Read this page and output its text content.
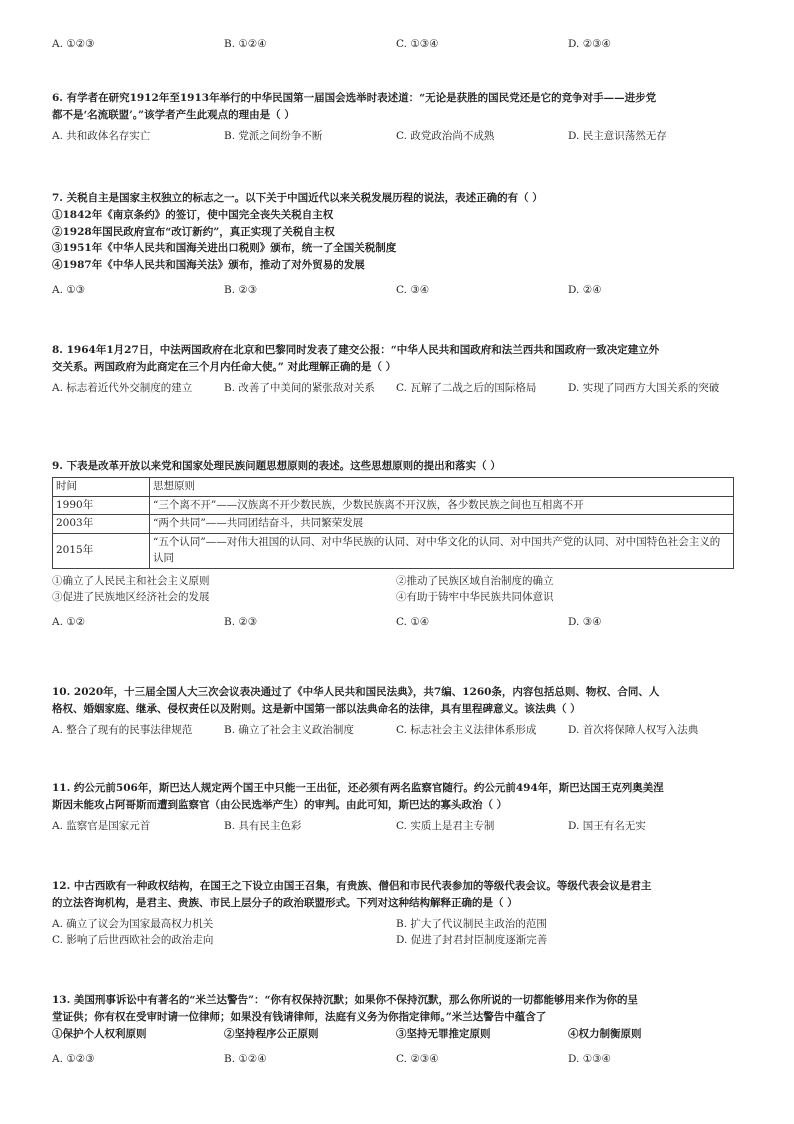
A. ①②③	B. ①②④	C. ①③④	D. ②③④

6. 有学者在研究1912年至1913年举行的中华民国第一届国会选举时表述道：“无论是获胜的国民党还是它的竞争对手——进步党

都不是‘名流联盟’。”该学者产生此观点的理由是（ ）

A. 共和政体名存实亡	B. 党派之间纷争不断	C. 政党政治尚不成熟	D. 民主意识荡然无存

7. 关税自主是国家主权独立的标志之一。以下关于中国近代以来关税发展历程的说法，表述正确的有（ ）

①1842年《南京条约》的签订，使中国完全丧失关税自主权

②1928年国民政府宣布“改订新约”，真正实现了关税自主权

③1951年《中华人民共和国海关进出口税则》颁布，统一了全国关税制度

④1987年《中华人民共和国海关法》颁布，推动了对外贸易的发展

A. ①③	B. ②③	C. ③④	D. ②④

8. 1964年1月27日，中法两国政府在北京和巴黎同时发表了建交公报：“中华人民共和国政府和法兰西共和国政府一致决定建立外

交关系。两国政府为此商定在三个月内任命大使。” 对此理解正确的是（ ）

A. 标志着近代外交制度的建立	B. 改善了中美间的紧张敌对关系	C. 瓦解了二战之后的国际格局	D. 实现了同西方大国关系的突破

9. 下表是改革开放以来党和国家处理民族问题思想原则的表述。这些思想原则的提出和落实（ ）

时间	思想原则
1990年	“三个离不开”——汉族离不开少数民族，少数民族离不开汉族，各少数民族之间也互相离不开
2003年	“两个共同”——共同团结奋斗，共同繁荣发展
2015年	“五个认同”——对伟大祖国的认同、对中华民族的认同、对中华文化的认同、对中国共产党的认同、对中国特色社会主义的认同
①确立了人民民主和社会主义原则	②推动了民族区域自治制度的确立
③促进了民族地区经济社会的发展	④有助于铸牢中华民族共同体意识
A. ①②	B. ②③	C. ①④	D. ③④

10. 2020年，十三届全国人大三次会议表决通过了《中华人民共和国民法典》，共7编、1260条，内容包括总则、物权、合同、人

格权、婚姻家庭、继承、侵权责任以及附则。这是新中国第一部以法典命名的法律，具有里程碑意义。该法典（ ）

A. 整合了现有的民事法律规范	B. 确立了社会主义政治制度	C. 标志社会主义法律体系形成	D. 首次将保障人权写入法典

11. 约公元前506年，斯巴达人规定两个国王中只能一王出征，还必须有两名监察官随行。约公元前494年，斯巴达国王克列奥美涅

斯因未能攻占阿哥斯而遭到监察官（由公民选举产生）的审判。由此可知，斯巴达的寡头政治（ ）

A. 监察官是国家元首	B. 具有民主色彩	C. 实质上是君主专制	D. 国王有名无实

12. 中古西欧有一种政权结构，在国王之下设立由国王召集，有贵族、僧侣和市民代表参加的等级代表会议。等级代表会议是君主

的立法咨询机构，是君主、贵族、市民上层分子的政治联盟形式。下列对这种结构解释正确的是（ ）

A. 确立了议会为国家最高权力机关	B. 扩大了代议制民主政治的范围
C. 影响了后世西欧社会的政治走向	D. 促进了封君封臣制度逐渐完善

13. 美国刑事诉讼中有著名的“米兰达警告”：“你有权保持沉默；如果你不保持沉默，那么你所说的一切都能够用来作为你的呈

堂证供；你有权在受审时请一位律师；如果没有钱请律师，法庭有义务为你指定律师。”米兰达警告中蕴含了

①保护个人权利原则	②坚持程序公正原则	③坚持无罪推定原则	④权力制衡原则
A. ①②③	B. ①②④	C. ②③④	D. ①③④
